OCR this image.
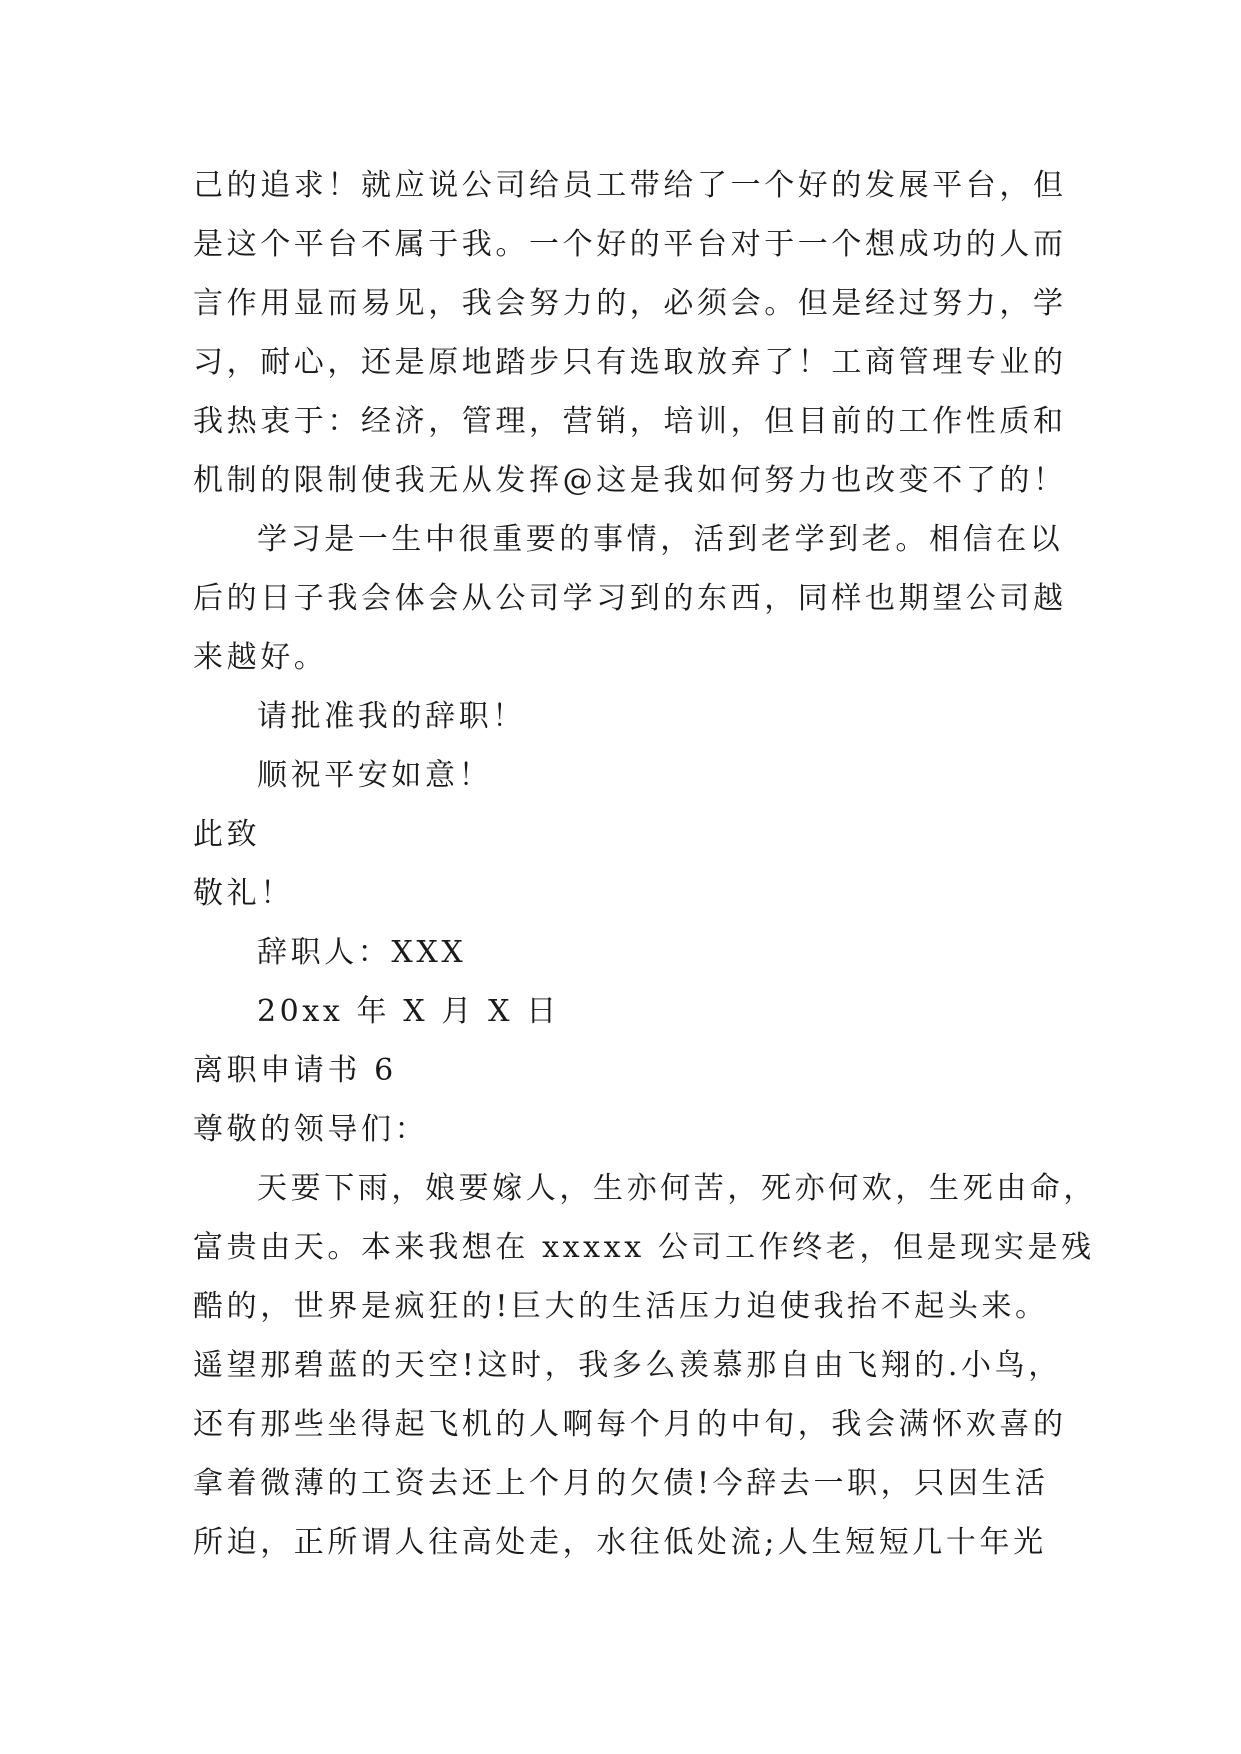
己的追求！就应说公司给员工带给了一个好的发展平台，但
是这个平台不属于我。一个好的平台对于一个想成功的人而
言作用显而易见，我会努力的，必须会。但是经过努力，学
习，耐心，还是原地踏步只有选取放弃了！工商管理专业的
我热衷于：经济，管理，营销，培训，但目前的工作性质和
机制的限制使我无从发挥@这是我如何努力也改变不了的！
学习是一生中很重要的事情，活到老学到老。相信在以
后的日子我会体会从公司学习到的东西，同样也期望公司越
来越好。
请批准我的辞职！
顺祝平安如意！
此致
敬礼！
辞职人：XXX
20xx 年 X 月 X 日
离职申请书 6
尊敬的领导们：
天要下雨，娘要嫁人，生亦何苦，死亦何欢，生死由命，
富贵由天。本来我想在 xxxxx 公司工作终老，但是现实是残
酷的，世界是疯狂的!巨大的生活压力迫使我抬不起头来。
遥望那碧蓝的天空!这时，我多么羡慕那自由飞翔的.小鸟，
还有那些坐得起飞机的人啊每个月的中旬，我会满怀欢喜的
拿着微薄的工资去还上个月的欠债!今辞去一职，只因生活
所迫，正所谓人往高处走，水往低处流;人生短短几十年光
